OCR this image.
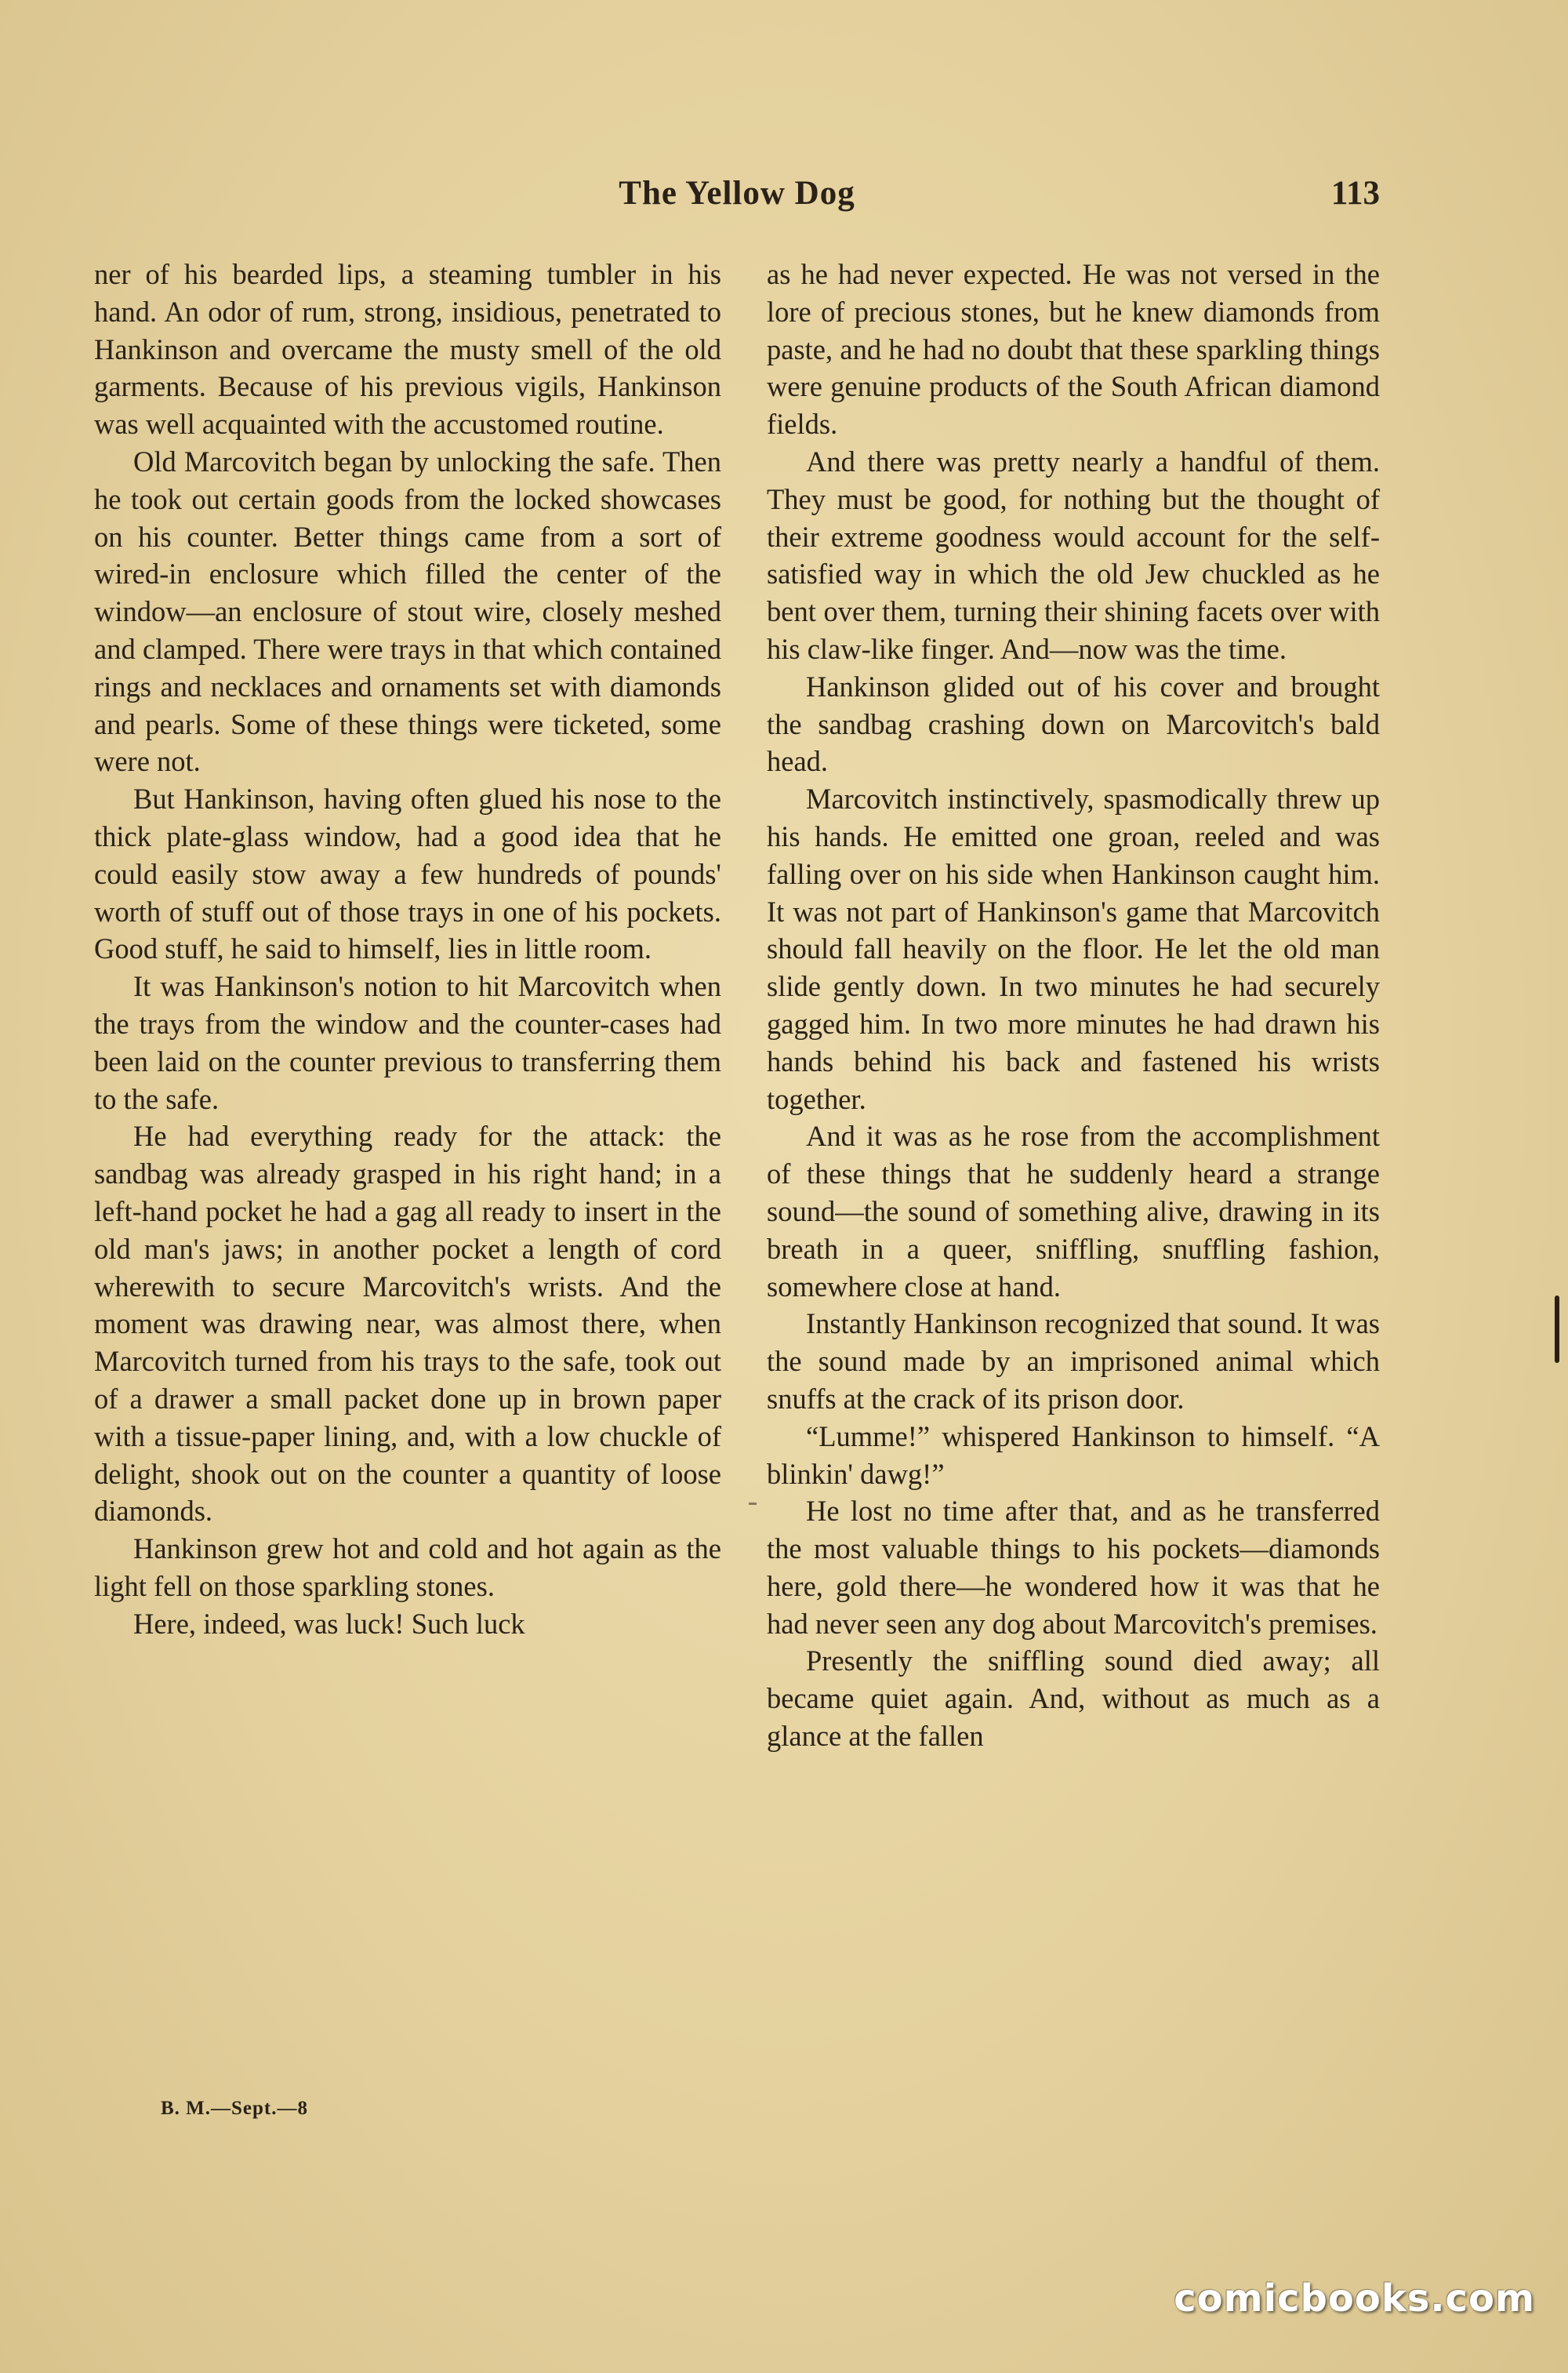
The Yellow Dog	113

ner of his bearded lips, a steaming tumbler in his hand. An odor of rum, strong, insidious, penetrated to Hankinson and overcame the musty smell of the old garments. Because of his previous vigils, Hankinson was well acquainted with the accustomed routine.

Old Marcovitch began by unlocking the safe. Then he took out certain goods from the locked showcases on his counter. Better things came from a sort of wired-in enclosure which filled the center of the window—an enclosure of stout wire, closely meshed and clamped. There were trays in that which contained rings and necklaces and ornaments set with diamonds and pearls. Some of these things were ticketed, some were not.

But Hankinson, having often glued his nose to the thick plate-glass window, had a good idea that he could easily stow away a few hundreds of pounds' worth of stuff out of those trays in one of his pockets. Good stuff, he said to himself, lies in little room.

It was Hankinson's notion to hit Marcovitch when the trays from the window and the counter-cases had been laid on the counter previous to transferring them to the safe.

He had everything ready for the attack: the sandbag was already grasped in his right hand; in a left-hand pocket he had a gag all ready to insert in the old man's jaws; in another pocket a length of cord wherewith to secure Marcovitch's wrists. And the moment was drawing near, was almost there, when Marcovitch turned from his trays to the safe, took out of a drawer a small packet done up in brown paper with a tissue-paper lining, and, with a low chuckle of delight, shook out on the counter a quantity of loose diamonds.

Hankinson grew hot and cold and hot again as the light fell on those sparkling stones.

Here, indeed, was luck! Such luck

as he had never expected. He was not versed in the lore of precious stones, but he knew diamonds from paste, and he had no doubt that these sparkling things were genuine products of the South African diamond fields.

And there was pretty nearly a handful of them. They must be good, for nothing but the thought of their extreme goodness would account for the self-satisfied way in which the old Jew chuckled as he bent over them, turning their shining facets over with his claw-like finger. And—now was the time.

Hankinson glided out of his cover and brought the sandbag crashing down on Marcovitch's bald head.

Marcovitch instinctively, spasmodically threw up his hands. He emitted one groan, reeled and was falling over on his side when Hankinson caught him. It was not part of Hankinson's game that Marcovitch should fall heavily on the floor. He let the old man slide gently down. In two minutes he had securely gagged him. In two more minutes he had drawn his hands behind his back and fastened his wrists together.

And it was as he rose from the accomplishment of these things that he suddenly heard a strange sound—the sound of something alive, drawing in its breath in a queer, sniffling, snuffling fashion, somewhere close at hand.

Instantly Hankinson recognized that sound. It was the sound made by an imprisoned animal which snuffs at the crack of its prison door.

“Lumme!” whispered Hankinson to himself. “A blinkin' dawg!”

He lost no time after that, and as he transferred the most valuable things to his pockets—diamonds here, gold there—he wondered how it was that he had never seen any dog about Marcovitch's premises.

Presently the sniffling sound died away; all became quiet again. And, without as much as a glance at the fallen

B. M.—Sept.—8
comicbooks.com
